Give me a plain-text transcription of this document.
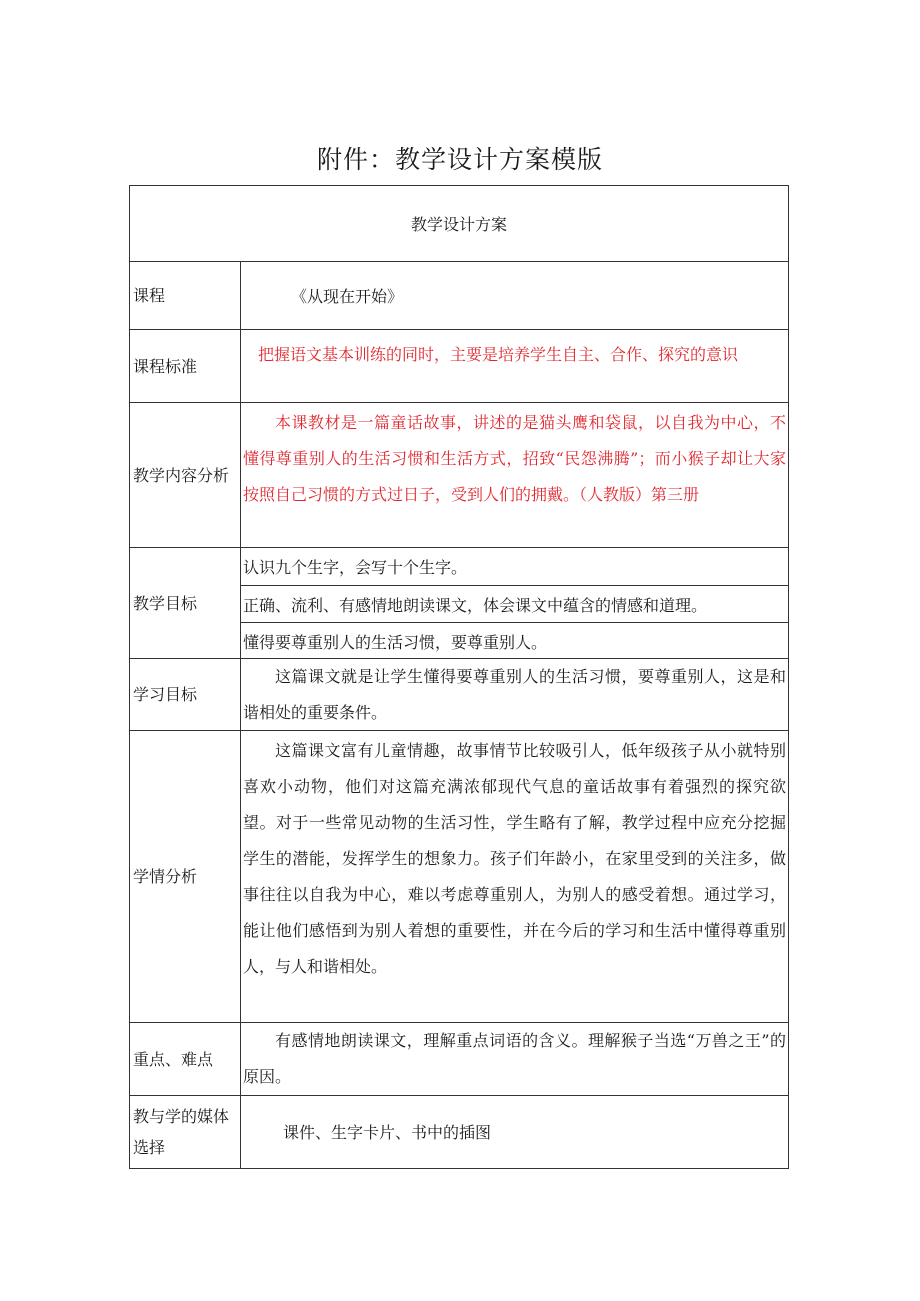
附件：教学设计方案模版
教学设计方案
课程	《从现在开始》
课程标准
把握语文基本训练的同时，主要是培养学生自主、合作、探究的意识
教学内容分析
本课教材是一篇童话故事，讲述的是猫头鹰和袋鼠，以自我为中心，不懂得尊重别人的生活习惯和生活方式，招致“民怨沸腾”；而小猴子却让大家按照自己习惯的方式过日子，受到人们的拥戴。（人教版）第三册
教学目标
认识九个生字，会写十个生字。
正确、流利、有感情地朗读课文，体会课文中蕴含的情感和道理。
懂得要尊重别人的生活习惯，要尊重别人。
学习目标
这篇课文就是让学生懂得要尊重别人的生活习惯，要尊重别人，这是和谐相处的重要条件。
学情分析
这篇课文富有儿童情趣，故事情节比较吸引人，低年级孩子从小就特别喜欢小动物，他们对这篇充满浓郁现代气息的童话故事有着强烈的探究欲望。对于一些常见动物的生活习性，学生略有了解，教学过程中应充分挖掘学生的潜能，发挥学生的想象力。孩子们年龄小，在家里受到的关注多，做事往往以自我为中心，难以考虑尊重别人，为别人的感受着想。通过学习，能让他们感悟到为别人着想的重要性，并在今后的学习和生活中懂得尊重别人，与人和谐相处。
重点、难点
有感情地朗读课文，理解重点词语的含义。理解猴子当选“万兽之王”的原因。
教与学的媒体选择
课件、生字卡片、书中的插图
